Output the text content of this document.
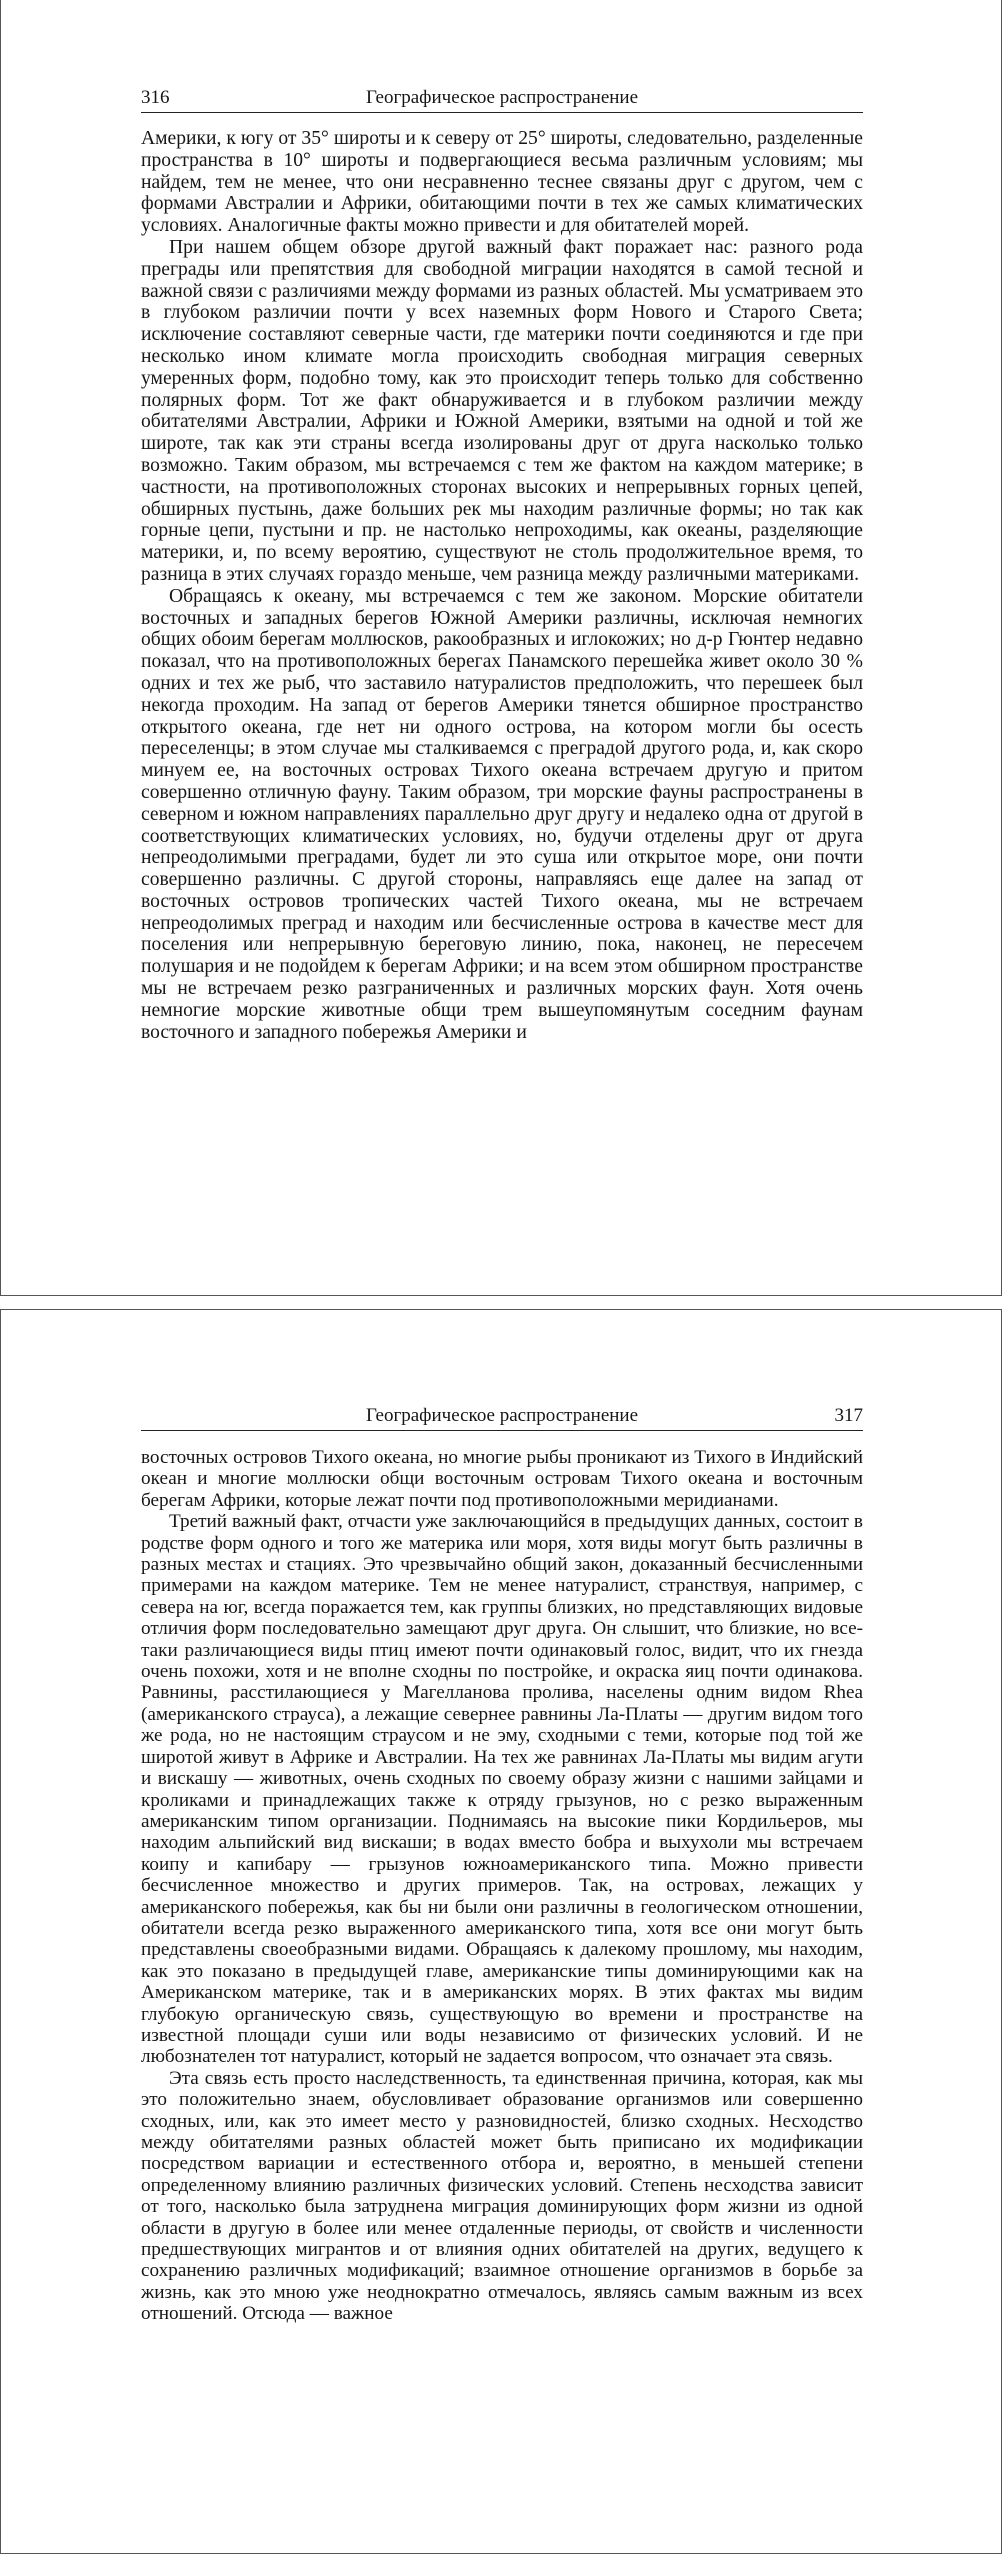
316	Географическое распространение

Америки, к югу от 35° широты и к северу от 25° широты, следовательно, разделенные пространства в 10° широты и подвергающиеся весьма различным условиям; мы найдем, тем не менее, что они несравненно теснее связаны друг с другом, чем с формами Австралии и Африки, обитающими почти в тех же самых климатических условиях. Аналогичные факты можно привести и для обитателей морей.

При нашем общем обзоре другой важный факт поражает нас: разного рода преграды или препятствия для свободной миграции находятся в самой тесной и важной связи с различиями между формами из разных областей. Мы усматриваем это в глубоком различии почти у всех наземных форм Нового и Старого Света; исключение составляют северные части, где материки почти соединяются и где при несколько ином климате могла происходить свободная миграция северных умеренных форм, подобно тому, как это происходит теперь только для собственно полярных форм. Тот же факт обнаруживается и в глубоком различии между обитателями Австралии, Африки и Южной Америки, взятыми на одной и той же широте, так как эти страны всегда изолированы друг от друга насколько только возможно. Таким образом, мы встречаемся с тем же фактом на каждом материке; в частности, на противоположных сторонах высоких и непрерывных горных цепей, обширных пустынь, даже больших рек мы находим различные формы; но так как горные цепи, пустыни и пр. не настолько непроходимы, как океаны, разделяющие материки, и, по всему вероятию, существуют не столь продолжительное время, то разница в этих случаях гораздо меньше, чем разница между различными материками.

Обращаясь к океану, мы встречаемся с тем же законом. Морские обитатели восточных и западных берегов Южной Америки различны, исключая немногих общих обоим берегам моллюсков, ракообразных и иглокожих; но д-р Гюнтер недавно показал, что на противоположных берегах Панамского перешейка живет около 30 % одних и тех же рыб, что заставило натуралистов предположить, что перешеек был некогда проходим. На запад от берегов Америки тянется обширное пространство открытого океана, где нет ни одного острова, на котором могли бы осесть переселенцы; в этом случае мы сталкиваемся с преградой другого рода, и, как скоро минуем ее, на восточных островах Тихого океана встречаем другую и притом совершенно отличную фауну. Таким образом, три морские фауны распространены в северном и южном направлениях параллельно друг другу и недалеко одна от другой в соответствующих климатических условиях, но, будучи отделены друг от друга непреодолимыми преградами, будет ли это суша или открытое море, они почти совершенно различны. С другой стороны, направляясь еще далее на запад от восточных островов тропических частей Тихого океана, мы не встречаем непреодолимых преград и находим или бесчисленные острова в качестве мест для поселения или непрерывную береговую линию, пока, наконец, не пересечем полушария и не подойдем к берегам Африки; и на всем этом обширном пространстве мы не встречаем резко разграниченных и различных морских фаун. Хотя очень немногие морские животные общи трем вышеупомянутым соседним фаунам восточного и западного побережья Америки и

Географическое распространение	317

восточных островов Тихого океана, но многие рыбы проникают из Тихого в Индийский океан и многие моллюски общи восточным островам Тихого океана и восточным берегам Африки, которые лежат почти под противоположными меридианами.

Третий важный факт, отчасти уже заключающийся в предыдущих данных, состоит в родстве форм одного и того же материка или моря, хотя виды могут быть различны в разных местах и стациях. Это чрезвычайно общий закон, доказанный бесчисленными примерами на каждом материке. Тем не менее натуралист, странствуя, например, с севера на юг, всегда поражается тем, как группы близких, но представляющих видовые отличия форм последовательно замещают друг друга. Он слышит, что близкие, но все-таки различающиеся виды птиц имеют почти одинаковый голос, видит, что их гнезда очень похожи, хотя и не вполне сходны по постройке, и окраска яиц почти одинакова. Равнины, расстилающиеся у Магелланова пролива, населены одним видом Rhea (американского страуса), а лежащие севернее равнины Ла-Платы — другим видом того же рода, но не настоящим страусом и не эму, сходными с теми, которые под той же широтой живут в Африке и Австралии. На тех же равнинах Ла-Платы мы видим агути и вискашу — животных, очень сходных по своему образу жизни с нашими зайцами и кроликами и принадлежащих также к отряду грызунов, но с резко выраженным американским типом организации. Поднимаясь на высокие пики Кордильеров, мы находим альпийский вид вискаши; в водах вместо бобра и выхухоли мы встречаем коипу и капибару — грызунов южноамериканского типа. Можно привести бесчисленное множество и других примеров. Так, на островах, лежащих у американского побережья, как бы ни были они различны в геологическом отношении, обитатели всегда резко выраженного американского типа, хотя все они могут быть представлены своеобразными видами. Обращаясь к далекому прошлому, мы находим, как это показано в предыдущей главе, американские типы доминирующими как на Американском материке, так и в американских морях. В этих фактах мы видим глубокую органическую связь, существующую во времени и пространстве на известной площади суши или воды независимо от физических условий. И не любознателен тот натуралист, который не задается вопросом, что означает эта связь.

Эта связь есть просто наследственность, та единственная причина, которая, как мы это положительно знаем, обусловливает образование организмов или совершенно сходных, или, как это имеет место у разновидностей, близко сходных. Несходство между обитателями разных областей может быть приписано их модификации посредством вариации и естественного отбора и, вероятно, в меньшей степени определенному влиянию различных физических условий. Степень несходства зависит от того, насколько была затруднена миграция доминирующих форм жизни из одной области в другую в более или менее отдаленные периоды, от свойств и численности предшествующих мигрантов и от влияния одних обитателей на других, ведущего к сохранению различных модификаций; взаимное отношение организмов в борьбе за жизнь, как это мною уже неоднократно отмечалось, являясь самым важным из всех отношений. Отсюда — важное
